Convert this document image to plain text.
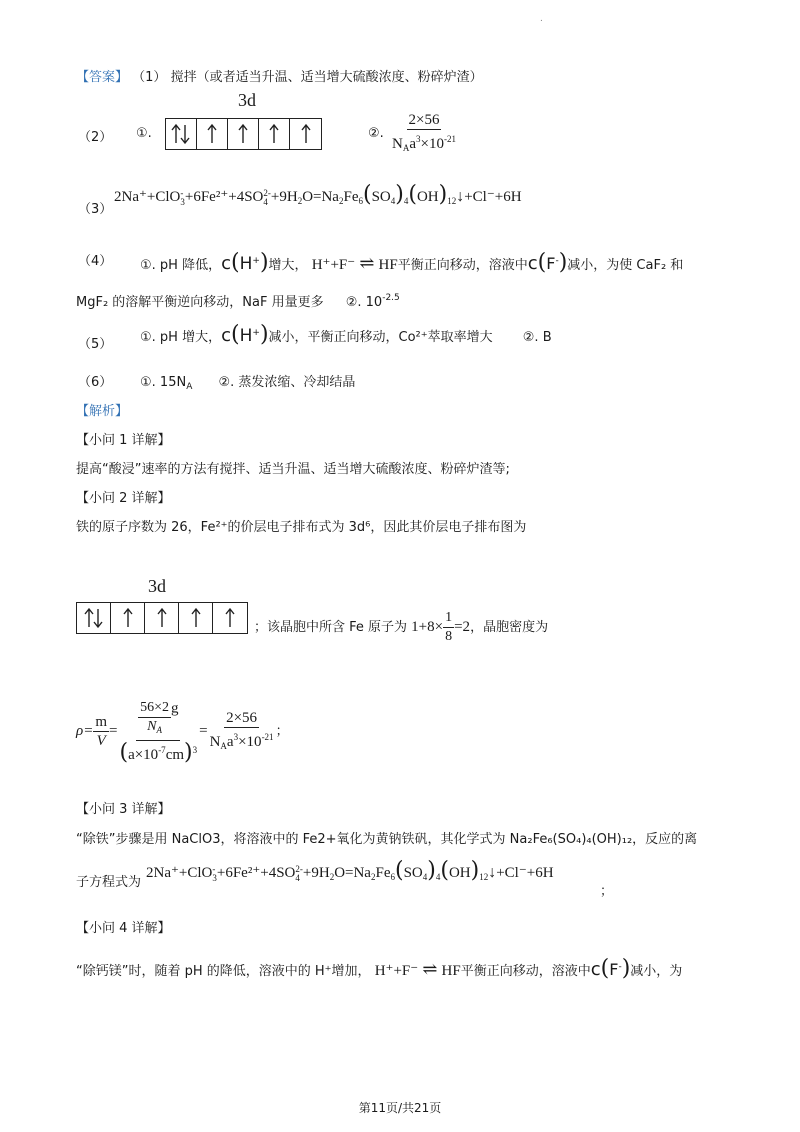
.
【答案】 （1） 搅拌（或者适当升温、适当增大硫酸浓度、粉碎炉渣）
（2） ①.
3d
②. $\frac{2\times 56}{N_Aa^3\times 10^{-21}}$
（3）
2Na⁺+ClO -
3 +6Fe²⁺+4SO 2-
$4 +9H_2O=Na_2Fe_6(SO_4)_4(OH)_{12}↓+Cl^-+6H$
（4） ①. pH 降低，c(H+)增大， H⁺+F⁻ ⇌ HF平衡正向移动，溶液中c(F-)减小，为使 CaF₂ 和
MgF₂ 的溶解平衡逆向移动，NaF 用量更多 ②. $10^{-2.5}$
（5） ①. pH 增大，c(H+)减小，平衡正向移动，Co²⁺萃取率增大 ②. B
（6） ①. $15N_A$ ②. 蒸发浓缩、冷却结晶
【解析】
【小问 1 详解】
提高“酸浸”速率的方法有搅拌、适当升温、适当增大硫酸浓度、粉碎炉渣等;
【小问 2 详解】
铁的原子序数为 26，Fe²⁺的价层电子排布式为 3d⁶，因此其价层电子排布图为
3d
；该晶胞中所含 Fe 原子为 $1+8\times \frac{1}{8} =2$，晶胞密度为
$\rho= \frac{m}{V} = \frac{\frac{56\times 2}{N_A} g}{(a\times 10^{-7}cm)^3} = \frac{2\times 56}{N_Aa^3\times 10^{-21}}$ ；
【小问 3 详解】
“除铁”步骤是用 NaClO3，将溶液中的 Fe2+氧化为黄钠铁矾，其化学式为 Na₂Fe₆(SO₄)₄(OH)₁₂，反应的离
子方程式为
2Na⁺+ClO -
3 +6Fe²⁺+4SO 2-
$4 +9H_2O=Na_2Fe_6(SO_4)_4(OH)_{12}↓+Cl^-+6H$
；
【小问 4 详解】
“除钙镁”时，随着 pH 的降低，溶液中的 H⁺增加， H⁺+F⁻ ⇌ HF平衡正向移动，溶液中c(F-)减小，为
第11页/共21页
